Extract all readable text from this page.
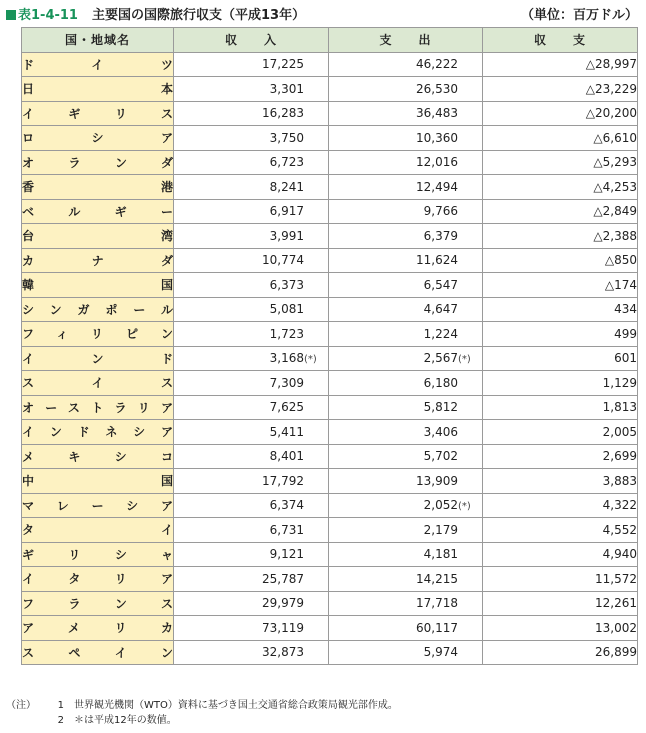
表1-4-11 主要国の国際旅行収支（平成13年）	（単位：百万ドル）
国・地域名	収　　入	支　　出	収　　支
ドイツ	17,225	46,222	△28,997
日本	3,301	26,530	△23,229
イギリス	16,283	36,483	△20,200
ロシア	3,750	10,360	△6,610
オランダ	6,723	12,016	△5,293
香港	8,241	12,494	△4,253
ベルギー	6,917	9,766	△2,849
台湾	3,991	6,379	△2,388
カナダ	10,774	11,624	△850
韓国	6,373	6,547	△174
シンガポール	5,081	4,647	434
フィリピン	1,723	1,224	499
インド	3,168(*)	2,567(*)	601
スイス	7,309	6,180	1,129
オーストラリア	7,625	5,812	1,813
インドネシア	5,411	3,406	2,005
メキシコ	8,401	5,702	2,699
中国	17,792	13,909	3,883
マレーシア	6,374	2,052(*)	4,322
タイ	6,731	2,179	4,552
ギリシャ	9,121	4,181	4,940
イタリア	25,787	14,215	11,572
フランス	29,979	17,718	12,261
アメリカ	73,119	60,117	13,002
スペイン	32,873	5,974	26,899
（注） 1 世界観光機関（WTO）資料に基づき国土交通省総合政策局観光部作成。
2 ＊は平成12年の数値。
